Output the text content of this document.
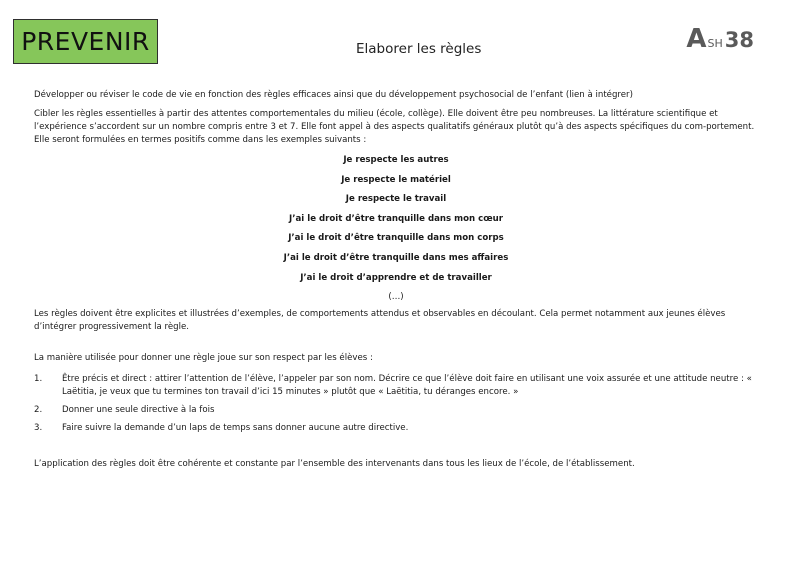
PREVENIR	Elaborer les règles	ASH38

Développer ou réviser le code de vie en fonction des règles efficaces ainsi que du développement psychosocial de l’enfant (lien à intégrer)

Cibler les règles essentielles à partir des attentes comportementales du milieu (école, collège). Elle doivent être peu nombreuses. La littérature scientifique et l’expérience s’accordent sur un nombre compris entre 3 et 7. Elle font appel à des aspects qualitatifs généraux plutôt qu’à des aspects spécifiques du com-portement. Elle seront formulées en termes positifs comme dans les exemples suivants :

Je respecte les autres
Je respecte le matériel
Je respecte le travail
J’ai le droit d’être tranquille dans mon cœur
J’ai le droit d’être tranquille dans mon corps
J’ai le droit d’être tranquille dans mes affaires
J’ai le droit d’apprendre et de travailler
(…)

Les règles doivent être explicites et illustrées d’exemples, de comportements attendus et observables en découlant. Cela permet notamment aux jeunes élèves d’intégrer progressivement la règle.

La manière utilisée pour donner une règle joue sur son respect par les élèves :

1.	Être précis et direct : attirer l’attention de l’élève, l’appeler par son nom. Décrire ce que l’élève doit faire en utilisant une voix assurée et une attitude neutre : « Laëtitia, je veux que tu termines ton travail d’ici 15 minutes » plutôt que « Laëtitia, tu déranges encore. »
2.	Donner une seule directive à la fois
3.	Faire suivre la demande d’un laps de temps sans donner aucune autre directive.

L’application des règles doit être cohérente et constante par l’ensemble des intervenants dans tous les lieux de l’école, de l’établissement.
